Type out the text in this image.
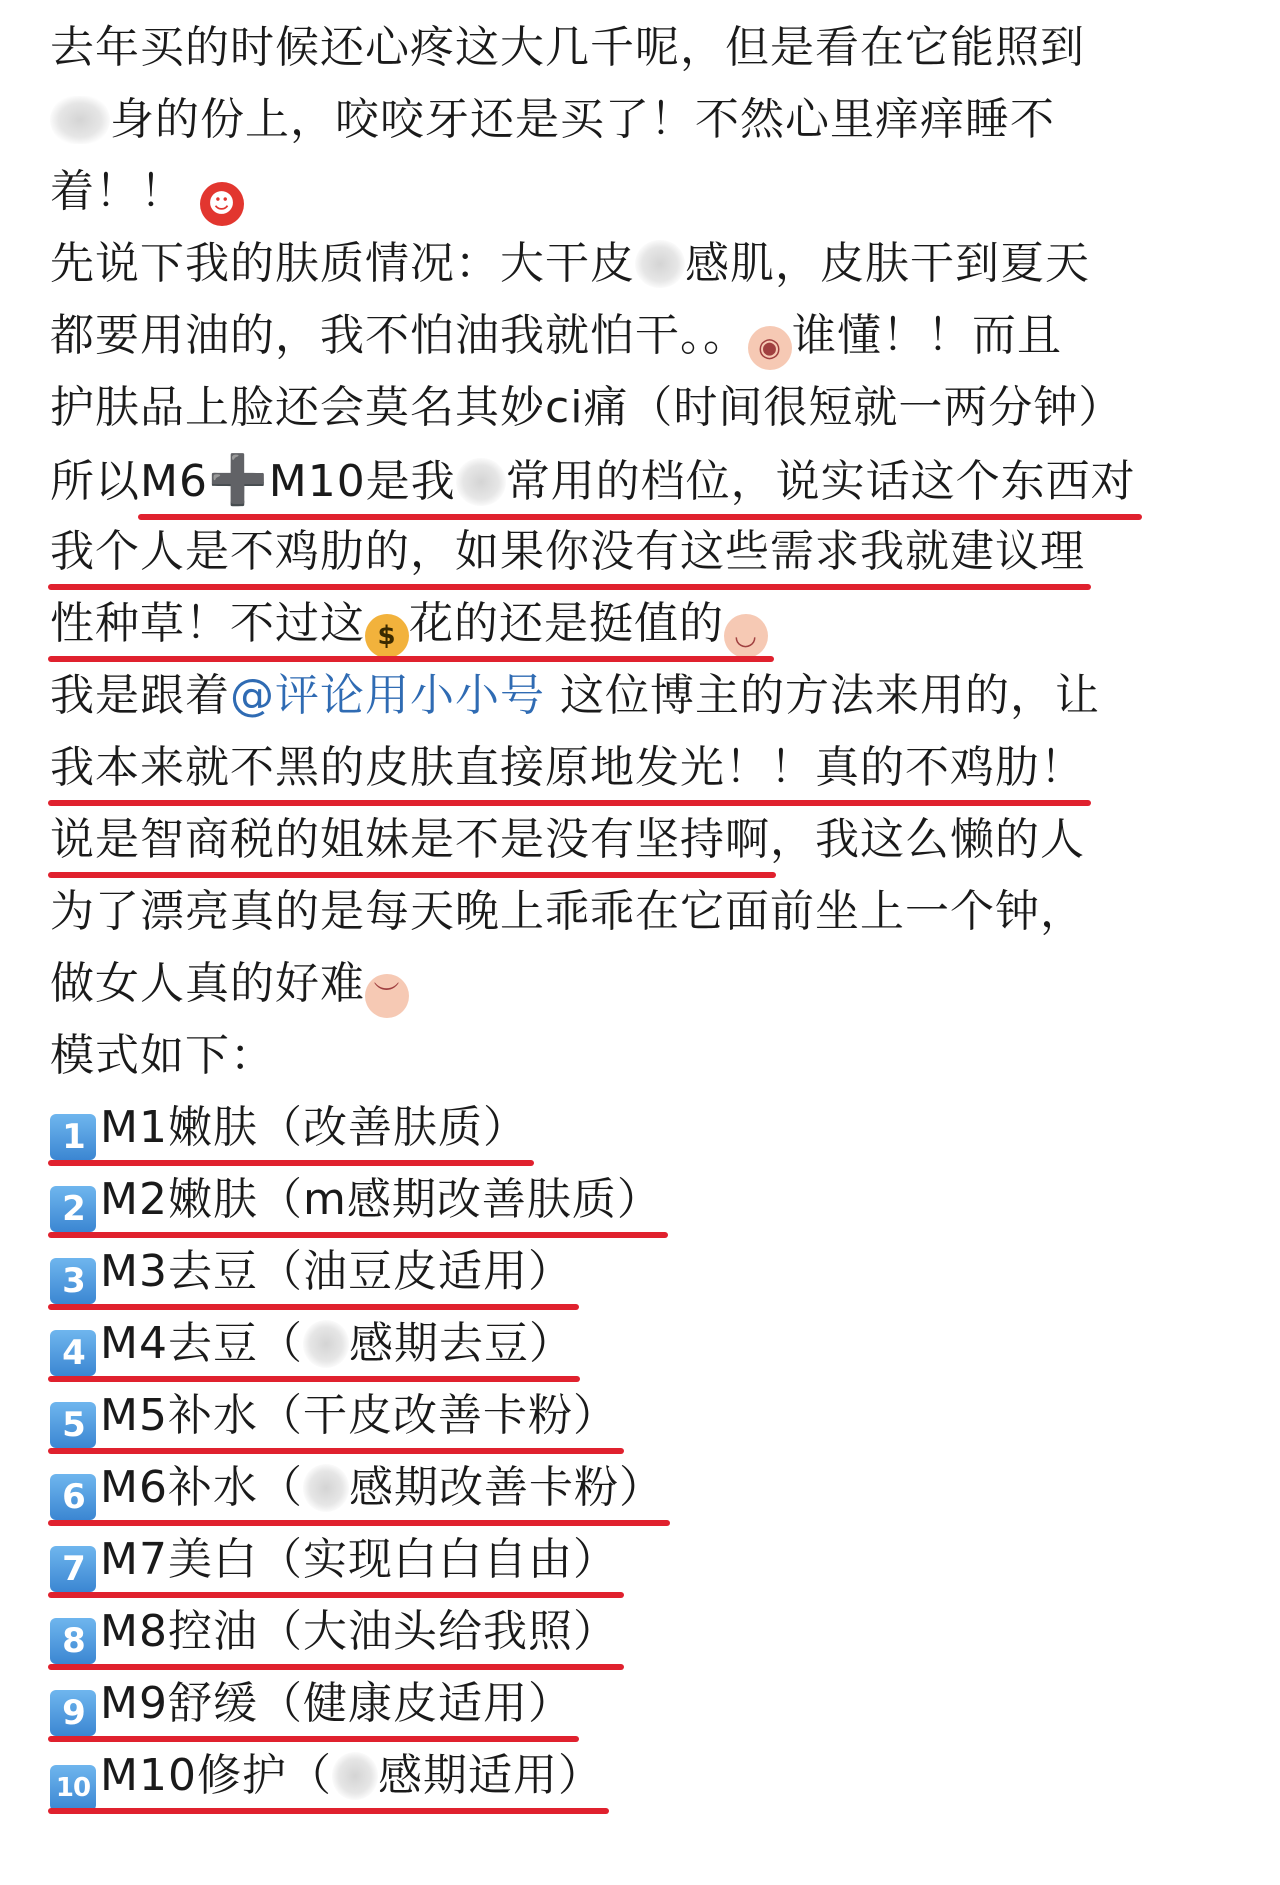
去年买的时候还心疼这大几千呢，但是看在它能照到
身的份上，咬咬牙还是买了！不然心里痒痒睡不
着！！ ☻
先说下我的肤质情况：大干皮 感肌，皮肤干到夏天
都要用油的，我不怕油我就怕干。。 ◉ 谁懂！！而且
护肤品上脸还会莫名其妙ci痛（时间很短就一两分钟）
所以M6➕M10是我 常用的档位，说实话这个东西对
我个人是不鸡肋的，如果你没有这些需求我就建议理
性种草！不过这 $ 花的还是挺值的 ◡
我是跟着@评论用小小号 这位博主的方法来用的，让
我本来就不黑的皮肤直接原地发光！！真的不鸡肋！
说是智商税的姐妹是不是没有坚持啊，我这么懒的人
为了漂亮真的是每天晚上乖乖在它面前坐上一个钟，
做女人真的好难 ︶
模式如下：
1 M1嫩肤（改善肤质）
2 M2嫩肤（m感期改善肤质）
3 M3去豆（油豆皮适用）
4 M4去豆（ 感期去豆）
5 M5补水（干皮改善卡粉）
6 M6补水（ 感期改善卡粉）
7 M7美白（实现白白自由）
8 M8控油（大油头给我照）
9 M9舒缓（健康皮适用）
10 M10修护（ 感期适用）
